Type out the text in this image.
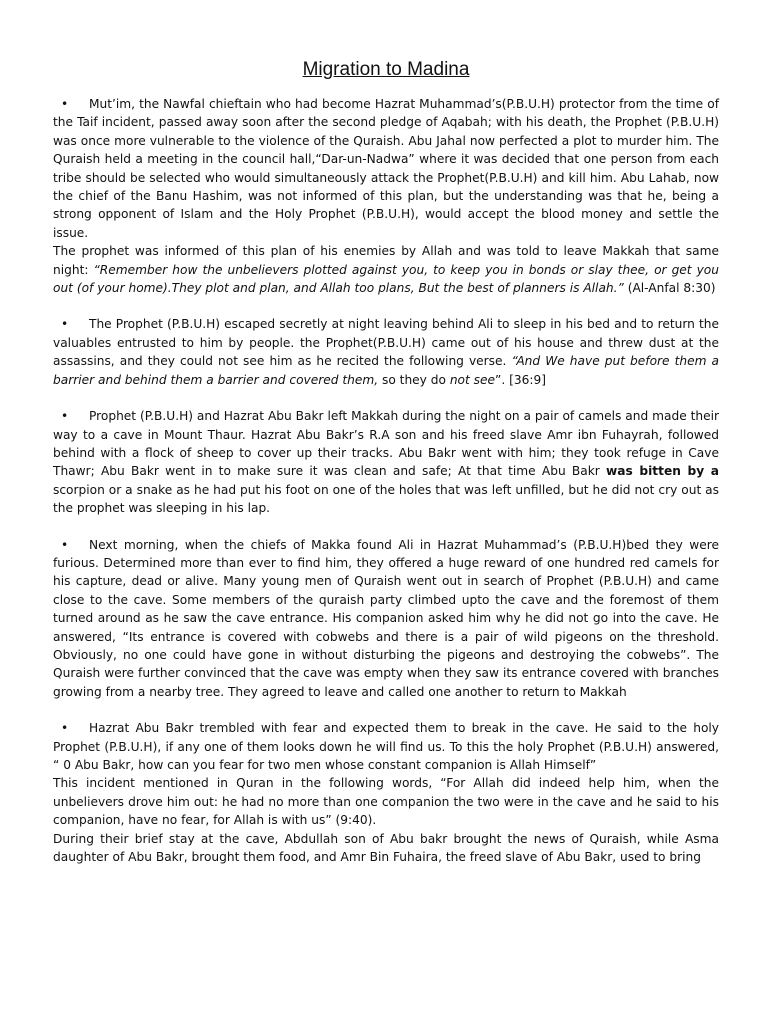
Migration to Madina

• Mut’im, the Nawfal chieftain who had become Hazrat Muhammad’s(P.B.U.H) protector from the time of the Taif incident, passed away soon after the second pledge of Aqabah; with his death, the Prophet (P.B.U.H) was once more vulnerable to the violence of the Quraish. Abu Jahal now perfected a plot to murder him. The Quraish held a meeting in the council hall,“Dar-un-Nadwa” where it was decided that one person from each tribe should be selected who would simultaneously attack the Prophet(P.B.U.H) and kill him. Abu Lahab, now the chief of the Banu Hashim, was not informed of this plan, but the understanding was that he, being a strong opponent of Islam and the Holy Prophet (P.B.U.H), would accept the blood money and settle the issue.

The prophet was informed of this plan of his enemies by Allah and was told to leave Makkah that same night: “Remember how the unbelievers plotted against you, to keep you in bonds or slay thee, or get you out (of your home).They plot and plan, and Allah too plans, But the best of planners is Allah.” (Al-Anfal 8:30)

• The Prophet (P.B.U.H) escaped secretly at night leaving behind Ali to sleep in his bed and to return the valuables entrusted to him by people. the Prophet(P.B.U.H) came out of his house and threw dust at the assassins, and they could not see him as he recited the following verse. “And We have put before them a barrier and behind them a barrier and covered them, so they do not see”. [36:9]

• Prophet (P.B.U.H) and Hazrat Abu Bakr left Makkah during the night on a pair of camels and made their way to a cave in Mount Thaur. Hazrat Abu Bakr’s R.A son and his freed slave Amr ibn Fuhayrah, followed behind with a flock of sheep to cover up their tracks. Abu Bakr went with him; they took refuge in Cave Thawr; Abu Bakr went in to make sure it was clean and safe; At that time Abu Bakr was bitten by a scorpion or a snake as he had put his foot on one of the holes that was left unfilled, but he did not cry out as the prophet was sleeping in his lap.

• Next morning, when the chiefs of Makka found Ali in Hazrat Muhammad’s (P.B.U.H)bed they were furious. Determined more than ever to find him, they offered a huge reward of one hundred red camels for his capture, dead or alive. Many young men of Quraish went out in search of Prophet (P.B.U.H) and came close to the cave. Some members of the quraish party climbed upto the cave and the foremost of them turned around as he saw the cave entrance. His companion asked him why he did not go into the cave. He answered, “Its entrance is covered with cobwebs and there is a pair of wild pigeons on the threshold. Obviously, no one could have gone in without disturbing the pigeons and destroying the cobwebs”. The Quraish were further convinced that the cave was empty when they saw its entrance covered with branches growing from a nearby tree. They agreed to leave and called one another to return to Makkah

• Hazrat Abu Bakr trembled with fear and expected them to break in the cave. He said to the holy Prophet (P.B.U.H), if any one of them looks down he will find us. To this the holy Prophet (P.B.U.H) answered, “ 0 Abu Bakr, how can you fear for two men whose constant companion is Allah Himself”

This incident mentioned in Quran in the following words, “For Allah did indeed help him, when the unbelievers drove him out: he had no more than one companion the two were in the cave and he said to his companion, have no fear, for Allah is with us” (9:40).

During their brief stay at the cave, Abdullah son of Abu bakr brought the news of Quraish, while Asma daughter of Abu Bakr, brought them food, and Amr Bin Fuhaira, the freed slave of Abu Bakr, used to bring
